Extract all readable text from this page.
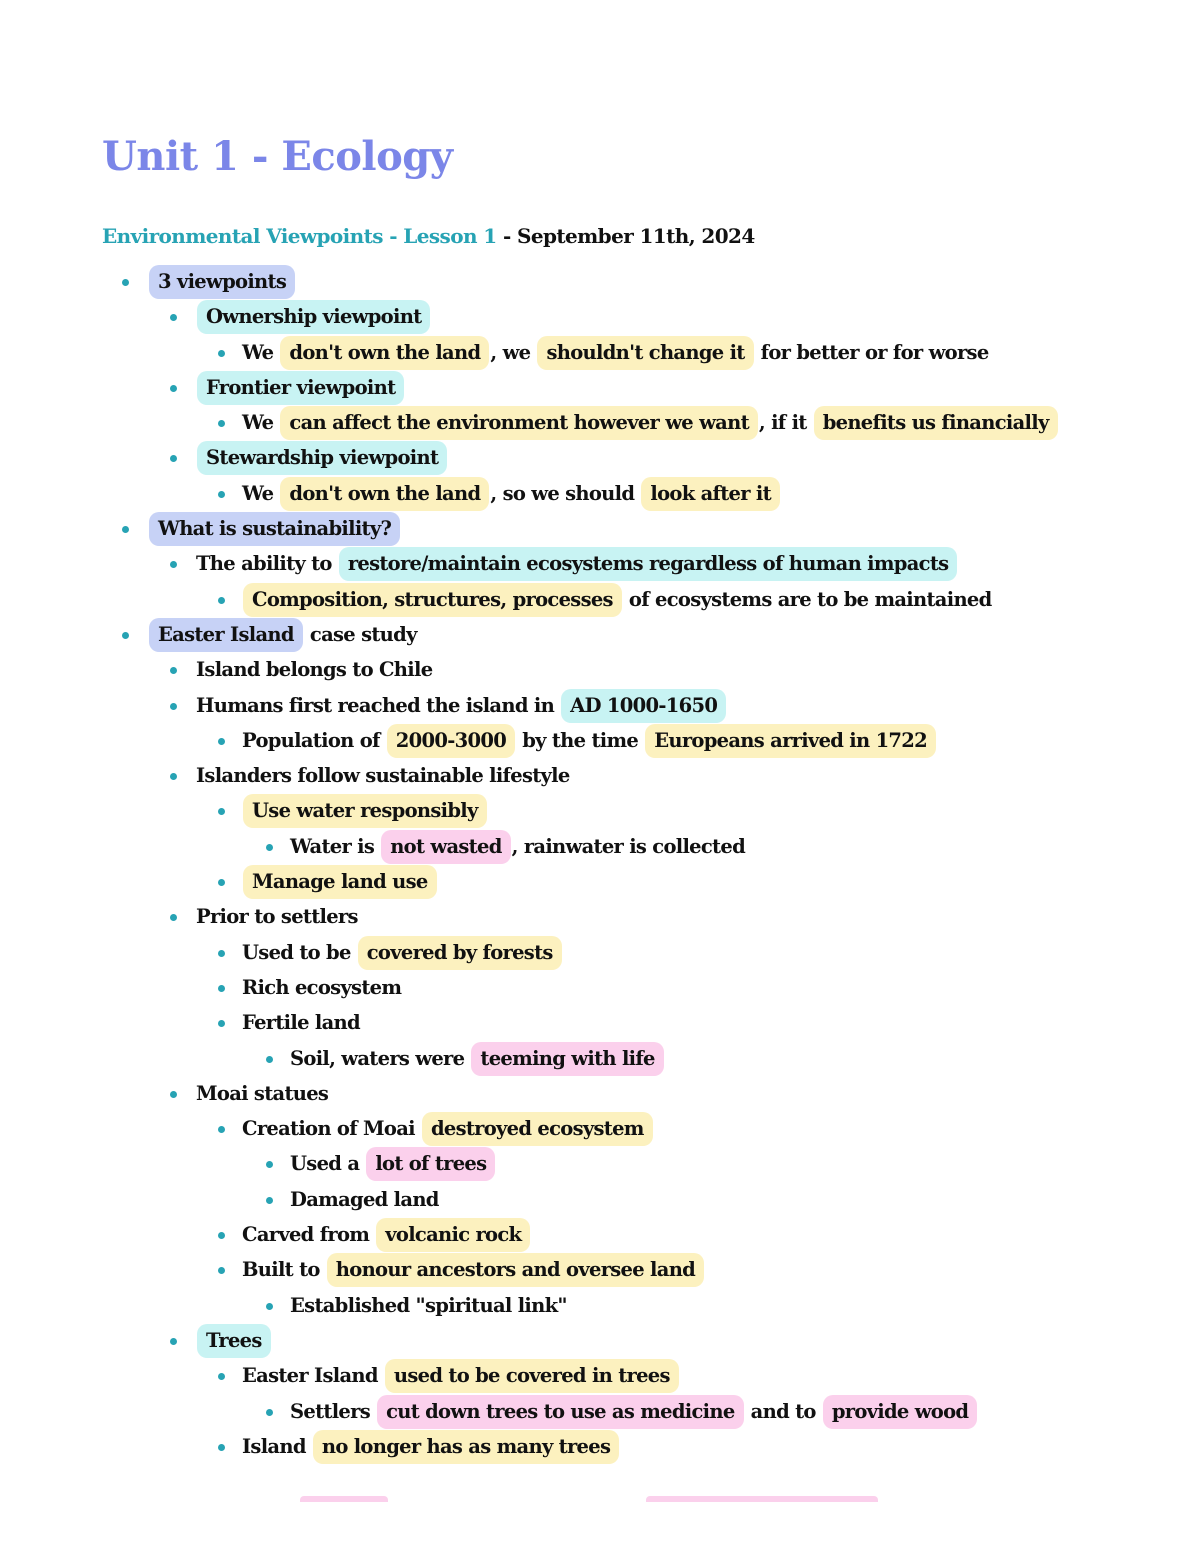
Unit 1 - Ecology
Environmental Viewpoints - Lesson 1 - September 11th, 2024
3 viewpoints
Ownership viewpoint
We don't own the land , we shouldn't change it for better or for worse
Frontier viewpoint
We can affect the environment however we want , if it benefits us financially
Stewardship viewpoint
We don't own the land , so we should look after it
What is sustainability?
The ability to restore/maintain ecosystems regardless of human impacts
Composition, structures, processes of ecosystems are to be maintained
Easter Island case study
Island belongs to Chile
Humans first reached the island in AD 1000-1650
Population of 2000-3000 by the time Europeans arrived in 1722
Islanders follow sustainable lifestyle
Use water responsibly
Water is not wasted , rainwater is collected
Manage land use
Prior to settlers
Used to be covered by forests
Rich ecosystem
Fertile land
Soil, waters were teeming with life
Moai statues
Creation of Moai destroyed ecosystem
Used a lot of trees
Damaged land
Carved from volcanic rock
Built to honour ancestors and oversee land
Established "spiritual link"
Trees
Easter Island used to be covered in trees
Settlers cut down trees to use as medicine and to provide wood
Island no longer has as many trees
